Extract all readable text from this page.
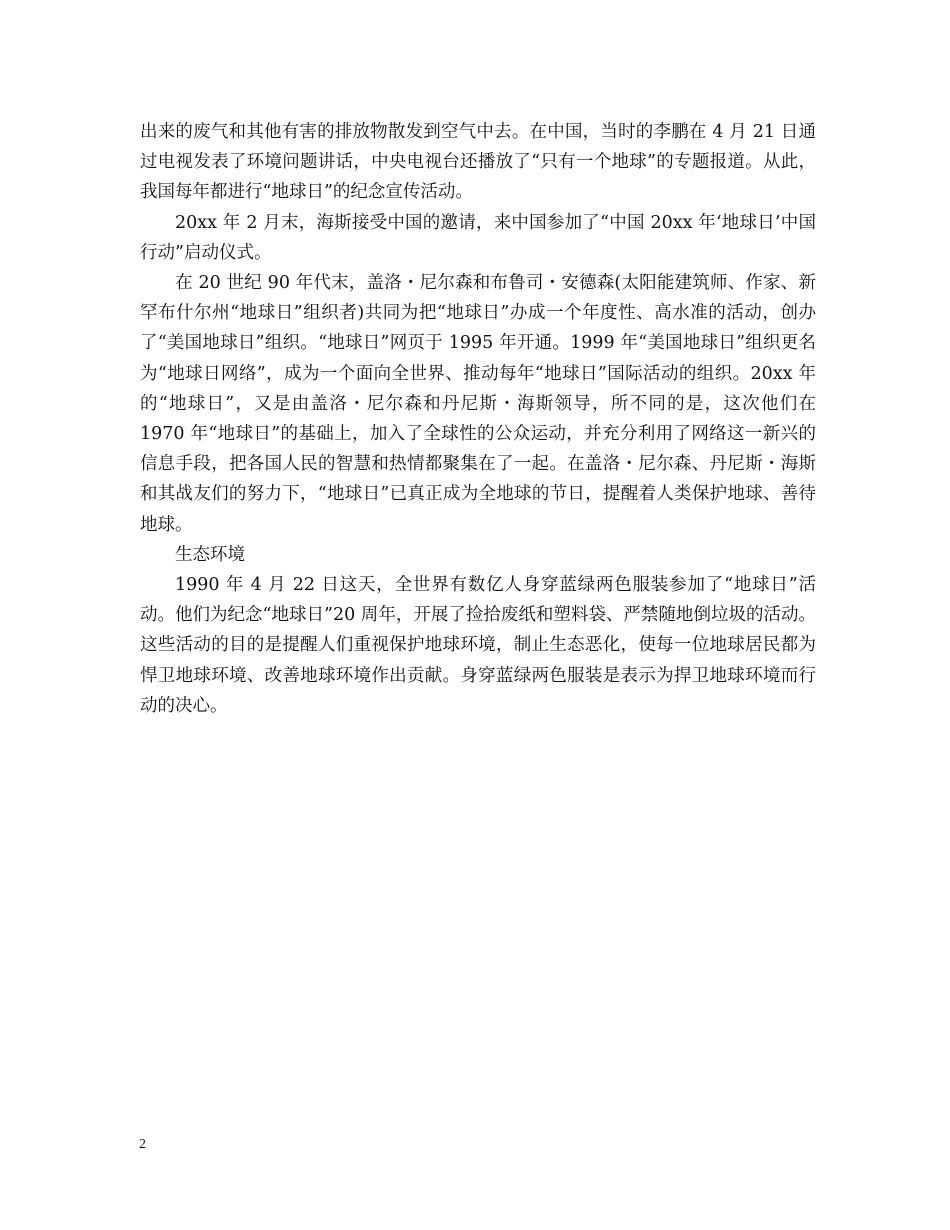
出来的废气和其他有害的排放物散发到空气中去。在中国，当时的李鹏在 4 月 21 日通过电视发表了环境问题讲话，中央电视台还播放了“只有一个地球”的专题报道。从此，我国每年都进行“地球日”的纪念宣传活动。

20xx 年 2 月末，海斯接受中国的邀请，来中国参加了“中国 20xx 年‘地球日’中国行动”启动仪式。

在 20 世纪 90 年代末，盖洛・尼尔森和布鲁司・安德森(太阳能建筑师、作家、新罕布什尔州“地球日”组织者)共同为把“地球日”办成一个年度性、高水准的活动，创办了“美国地球日”组织。“地球日”网页于 1995 年开通。1999 年“美国地球日”组织更名为“地球日网络”，成为一个面向全世界、推动每年“地球日”国际活动的组织。20xx 年的“地球日”，又是由盖洛・尼尔森和丹尼斯・海斯领导，所不同的是，这次他们在 1970 年“地球日”的基础上，加入了全球性的公众运动，并充分利用了网络这一新兴的信息手段，把各国人民的智慧和热情都聚集在了一起。在盖洛・尼尔森、丹尼斯・海斯和其战友们的努力下，“地球日”已真正成为全地球的节日，提醒着人类保护地球、善待地球。

生态环境

1990 年 4 月 22 日这天，全世界有数亿人身穿蓝绿两色服装参加了“地球日”活动。他们为纪念“地球日”20 周年，开展了捡拾废纸和塑料袋、严禁随地倒垃圾的活动。这些活动的目的是提醒人们重视保护地球环境，制止生态恶化，使每一位地球居民都为悍卫地球环境、改善地球环境作出贡献。身穿蓝绿两色服装是表示为捍卫地球环境而行动的决心。

2
